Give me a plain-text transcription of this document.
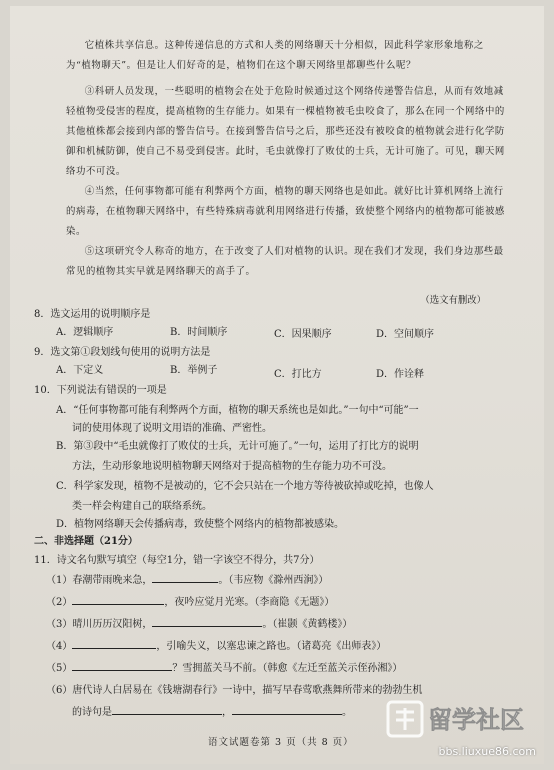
它植株共享信息。这种传递信息的方式和人类的网络聊天十分相似，因此科学家形象地称之为“植物聊天”。但是让人们好奇的是，植物们在这个聊天网络里都聊些什么呢？
③科研人员发现，一些聪明的植物会在处于危险时候通过这个网络传递警告信息，从而有效地减轻植物受侵害的程度，提高植物的生存能力。如果有一棵植物被毛虫咬食了，那么在同一个网络中的其他植株都会接到内部的警告信号。在接到警告信号之后，那些还没有被咬食的植物就会进行化学防御和机械防御，使自己不易受到侵害。此时，毛虫就像打了败仗的士兵，无计可施了。可见，聊天网络功不可没。
④当然，任何事物都可能有利弊两个方面，植物的聊天网络也是如此。就好比计算机网络上流行的病毒，在植物聊天网络中，有些特殊病毒就利用网络进行传播，致使整个网络内的植物都可能被感染。
⑤这项研究令人称奇的地方，在于改变了人们对植物的认识。现在我们才发现，我们身边那些最常见的植物其实早就是网络聊天的高手了。
（选文有删改）
8．选文运用的说明顺序是
A．逻辑顺序	B．时间顺序	C．因果顺序	D．空间顺序
9．选文第①段划线句使用的说明方法是
A．下定义	B．举例子	C．打比方	D．作诠释
10．下列说法有错误的一项是
A．“任何事物都可能有利弊两个方面，植物的聊天系统也是如此。”一句中“可能”一
词的使用体现了说明文用语的准确、严密性。
B．第③段中“毛虫就像打了败仗的士兵，无计可施了。”一句，运用了打比方的说明
方法，生动形象地说明植物聊天网络对于提高植物的生存能力功不可没。
C．科学家发现，植物不是被动的，它不会只站在一个地方等待被砍掉或吃掉，也像人
类一样会构建自己的联络系统。
D．植物网络聊天会传播病毒，致使整个网络内的植物都被感染。
二、非选择题（21分）
11．诗文名句默写填空（每空1分，错一字该空不得分，共7分）
（1）春潮带雨晚来急，	。（韦应物《滁州西涧》）
（2）	，夜吟应觉月光寒。（李商隐《无题》）
（3）晴川历历汉阳树，	。（崔颢《黄鹤楼》）
（4）	，引喻失义，以塞忠谏之路也。（诸葛亮《出师表》）
（5）	？雪拥蓝关马不前。（韩愈《左迁至蓝关示侄孙湘》）
（6）唐代诗人白居易在《钱塘湖春行》一诗中，描写早春莺歌燕舞所带来的勃勃生机
的诗句是	，	。
语文试题卷第 3 页（共 8 页）
留学社区
bbs.liuxue86.com
